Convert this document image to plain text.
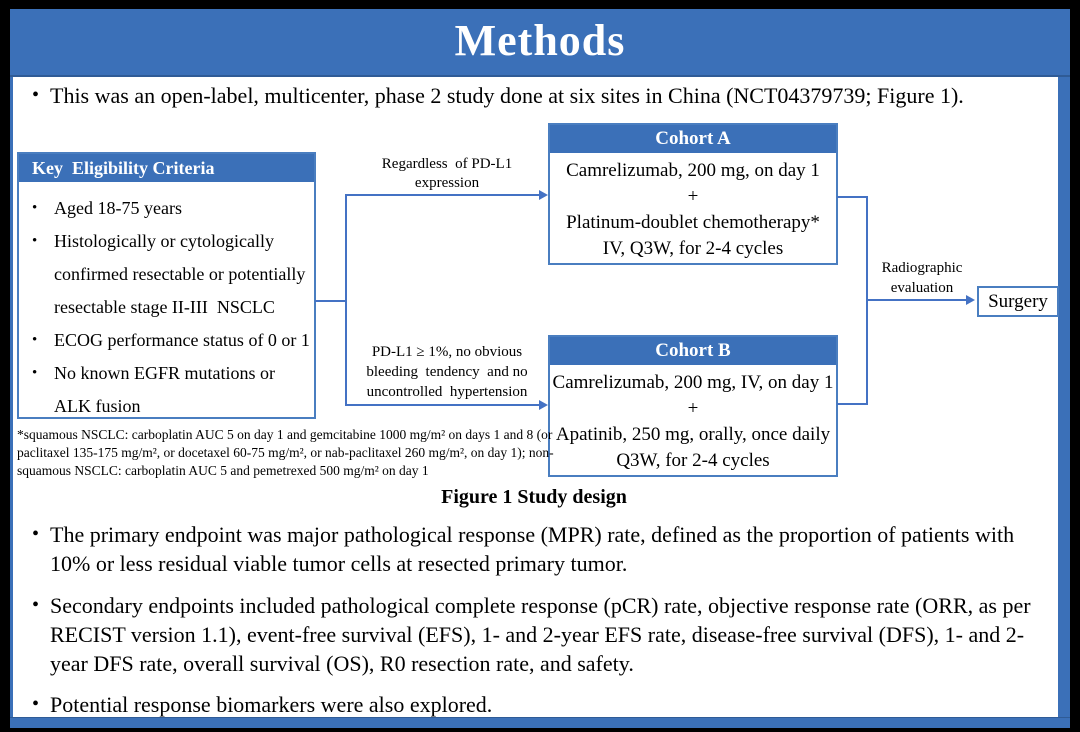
Methods
• This was an open-label, multicenter, phase 2 study done at six sites in China (NCT04379739; Figure 1).
Key  Eligibility Criteria
• Aged 18-75 years
• Histologically or cytologically
confirmed resectable or potentially
resectable stage II-III  NSCLC
• ECOG performance status of 0 or 1
• No known EGFR mutations or
ALK fusion
Regardless  of PD-L1
expression
PD-L1 ≥ 1%, no obvious
bleeding  tendency  and no
uncontrolled  hypertension
Cohort A
Camrelizumab, 200 mg, on day 1
+
Platinum-doublet chemotherapy*
IV, Q3W, for 2-4 cycles
Cohort B
Camrelizumab, 200 mg, IV, on day 1
+
Apatinib, 250 mg, orally, once daily
Q3W, for 2-4 cycles
Radiographic
evaluation
Surgery
*squamous NSCLC: carboplatin AUC 5 on day 1 and gemcitabine 1000 mg/m² on days 1 and 8 (or
paclitaxel 135-175 mg/m², or docetaxel 60-75 mg/m², or nab-paclitaxel 260 mg/m², on day 1); non-
squamous NSCLC: carboplatin AUC 5 and pemetrexed 500 mg/m² on day 1
Figure 1 Study design
• The primary endpoint was major pathological response (MPR) rate, defined as the proportion of patients with 10% or less residual viable tumor cells at resected primary tumor.
• Secondary endpoints included pathological complete response (pCR) rate, objective response rate (ORR, as per RECIST version 1.1), event-free survival (EFS), 1- and 2-year EFS rate, disease-free survival (DFS), 1- and 2-year DFS rate, overall survival (OS), R0 resection rate, and safety.
• Potential response biomarkers were also explored.
